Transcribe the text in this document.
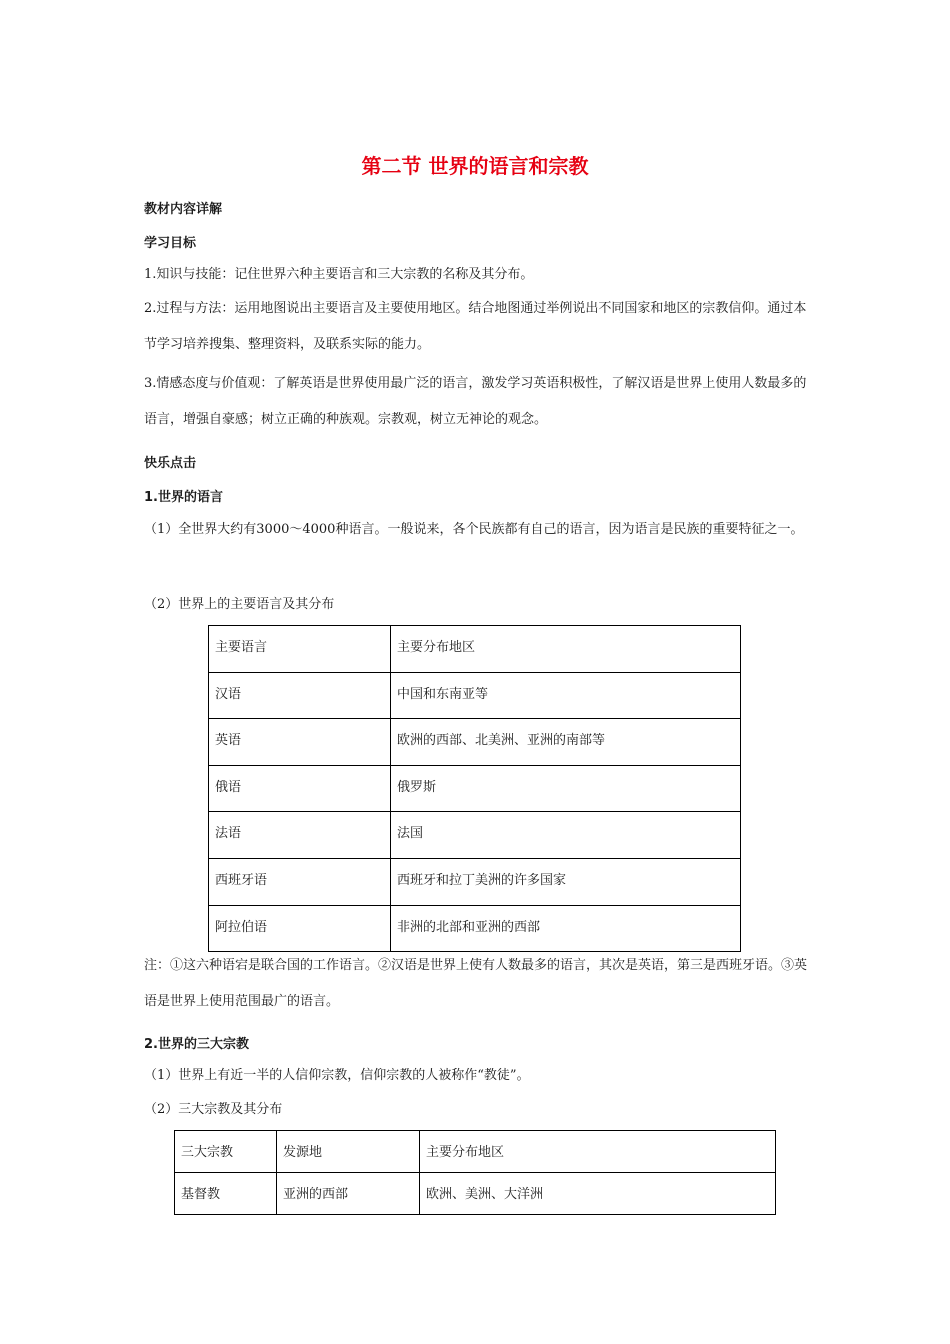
第二节 世界的语言和宗教

教材内容详解

学习目标

1.知识与技能：记住世界六种主要语言和三大宗教的名称及其分布。

2.过程与方法：运用地图说出主要语言及主要使用地区。结合地图通过举例说出不同国家和地区的宗教信仰。通过本节学习培养搜集、整理资料，及联系实际的能力。

3.情感态度与价值观：了解英语是世界使用最广泛的语言，激发学习英语积极性，了解汉语是世界上使用人数最多的语言，增强自豪感；树立正确的种族观。宗教观，树立无神论的观念。

快乐点击

1.世界的语言

（1）全世界大约有3000～4000种语言。一般说来，各个民族都有自己的语言，因为语言是民族的重要特征之一。

（2）世界上的主要语言及其分布

主要语言	主要分布地区
汉语	中国和东南亚等
英语	欧洲的西部、北美洲、亚洲的南部等
俄语	俄罗斯
法语	法国
西班牙语	西班牙和拉丁美洲的许多国家
阿拉伯语	非洲的北部和亚洲的西部

注：①这六种语宕是联合国的工作语言。②汉语是世界上使有人数最多的语言，其次是英语，第三是西班牙语。③英语是世界上使用范围最广的语言。

2.世界的三大宗教

（1）世界上有近一半的人信仰宗教，信仰宗教的人被称作“教徒”。

（2）三大宗教及其分布

三大宗教	发源地	主要分布地区
基督教	亚洲的西部	欧洲、美洲、大洋洲
